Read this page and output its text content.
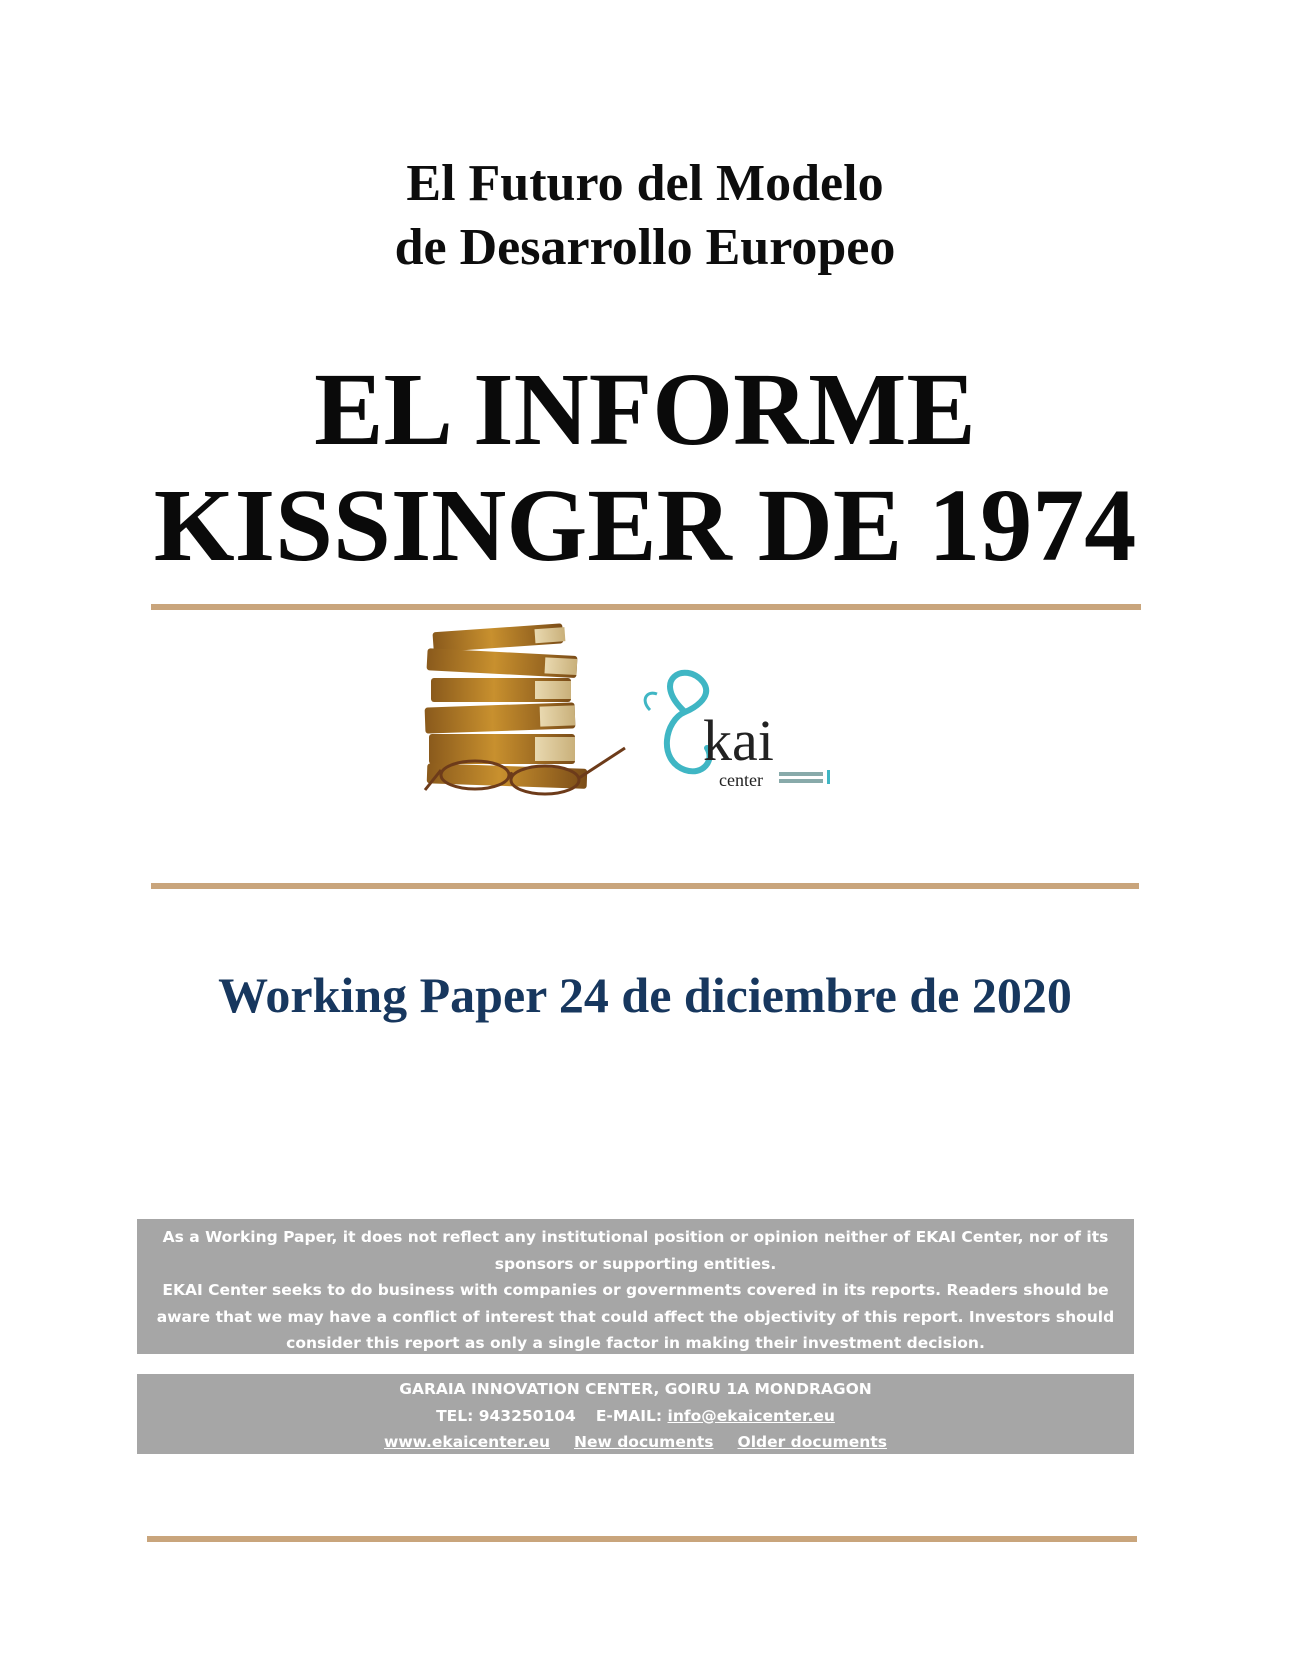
El Futuro del Modelo
de Desarrollo Europeo
EL INFORME
KISSINGER DE 1974
kai
center
Working Paper 24 de diciembre de 2020

As a Working Paper, it does not reflect any institutional position or opinion neither of EKAI Center, nor of its sponsors or supporting entities.

EKAI Center seeks to do business with companies or governments covered in its reports. Readers should be aware that we may have a conflict of interest that could affect the objectivity of this report. Investors should consider this report as only a single factor in making their investment decision.

GARAIA INNOVATION CENTER, GOIRU 1A MONDRAGON
TEL: 943250104 E-MAIL: info@ekaicenter.eu
www.ekaicenter.eu New documents Older documents
